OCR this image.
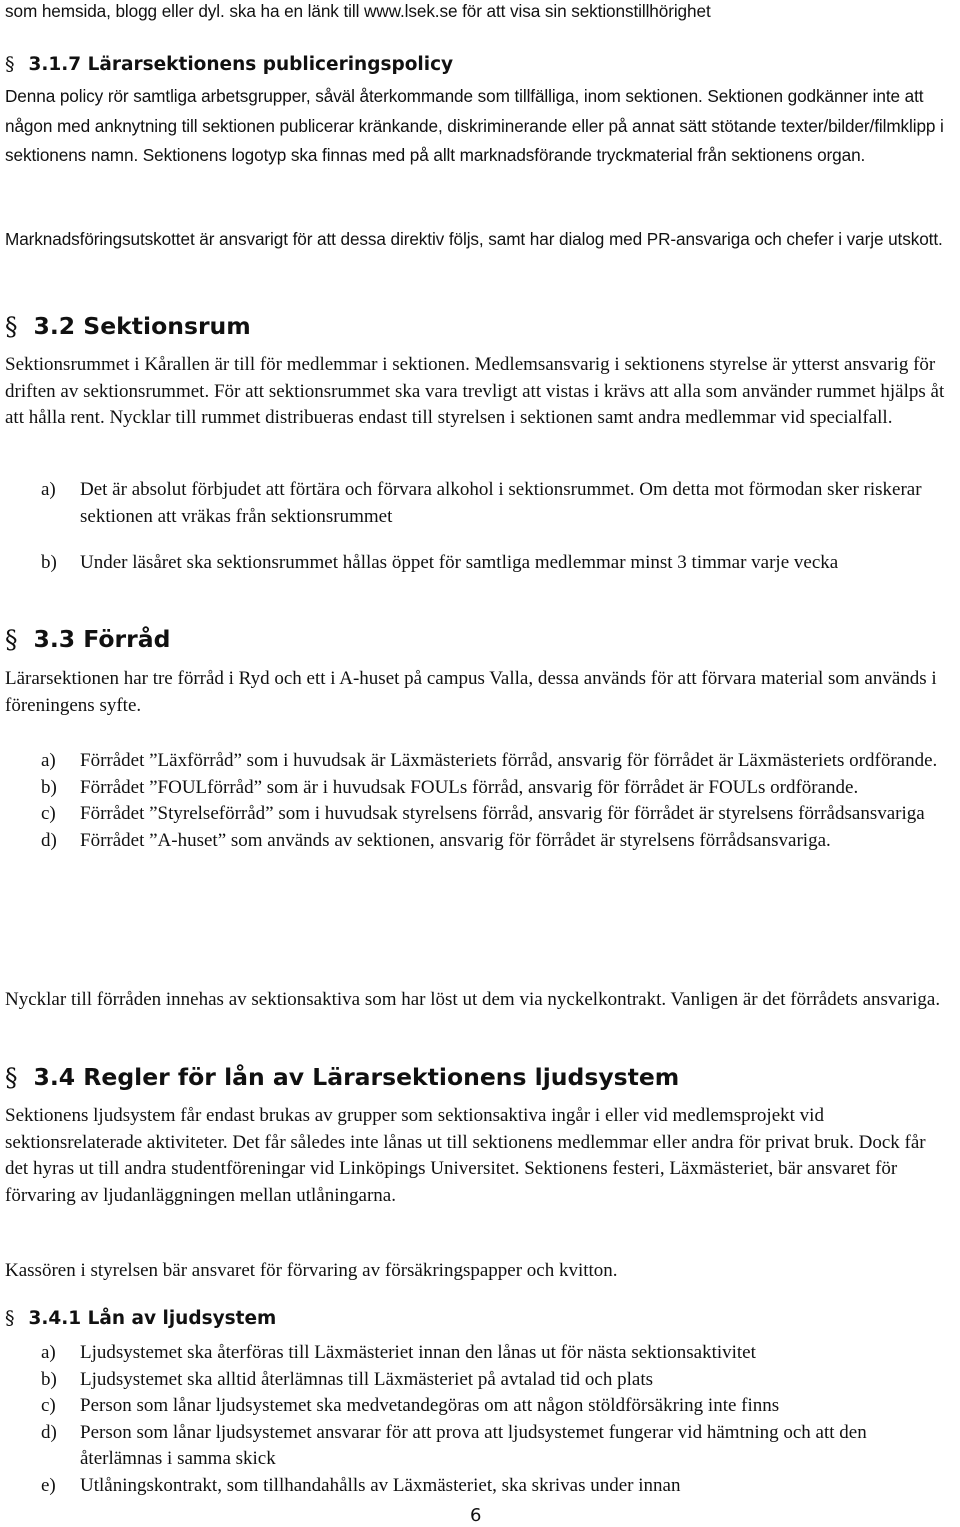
som hemsida, blogg eller dyl. ska ha en länk till www.lsek.se för att visa sin sektionstillhörighet

§ 3.1.7 Lärarsektionens publiceringspolicy

Denna policy rör samtliga arbetsgrupper, såväl återkommande som tillfälliga, inom sektionen. Sektionen godkänner inte att någon med anknytning till sektionen publicerar kränkande, diskriminerande eller på annat sätt stötande texter/bilder/filmklipp i sektionens namn. Sektionens logotyp ska finnas med på allt marknadsförande tryckmaterial från sektionens organ.

Marknadsföringsutskottet är ansvarigt för att dessa direktiv följs, samt har dialog med PR-ansvariga och chefer i varje utskott.

§ 3.2 Sektionsrum

Sektionsrummet i Kårallen är till för medlemmar i sektionen. Medlemsansvarig i sektionens styrelse är ytterst ansvarig för driften av sektionsrummet. För att sektionsrummet ska vara trevligt att vistas i krävs att alla som använder rummet hjälps åt att hålla rent. Nycklar till rummet distribueras endast till styrelsen i sektionen samt andra medlemmar vid specialfall.

a) Det är absolut förbjudet att förtära och förvara alkohol i sektionsrummet. Om detta mot förmodan sker riskerar sektionen att vräkas från sektionsrummet
b) Under läsåret ska sektionsrummet hållas öppet för samtliga medlemmar minst 3 timmar varje vecka
§ 3.3 Förråd

Lärarsektionen har tre förråd i Ryd och ett i A-huset på campus Valla, dessa används för att förvara material som används i föreningens syfte.

a) Förrådet ”Läxförråd” som i huvudsak är Läxmästeriets förråd, ansvarig för förrådet är Läxmästeriets ordförande.
b) Förrådet ”FOULförråd” som är i huvudsak FOULs förråd, ansvarig för förrådet är FOULs ordförande.
c) Förrådet ”Styrelseförråd” som i huvudsak styrelsens förråd, ansvarig för förrådet är styrelsens förrådsansvariga
d) Förrådet ”A-huset” som används av sektionen, ansvarig för förrådet är styrelsens förrådsansvariga.

Nycklar till förråden innehas av sektionsaktiva som har löst ut dem via nyckelkontrakt. Vanligen är det förrådets ansvariga.

§ 3.4 Regler för lån av Lärarsektionens ljudsystem

Sektionens ljudsystem får endast brukas av grupper som sektionsaktiva ingår i eller vid medlemsprojekt vid sektionsrelaterade aktiviteter. Det får således inte lånas ut till sektionens medlemmar eller andra för privat bruk. Dock får det hyras ut till andra studentföreningar vid Linköpings Universitet. Sektionens festeri, Läxmästeriet, bär ansvaret för förvaring av ljudanläggningen mellan utlåningarna.

Kassören i styrelsen bär ansvaret för förvaring av försäkringspapper och kvitton.

§ 3.4.1 Lån av ljudsystem
a) Ljudsystemet ska återföras till Läxmästeriet innan den lånas ut för nästa sektionsaktivitet
b) Ljudsystemet ska alltid återlämnas till Läxmästeriet på avtalad tid och plats
c) Person som lånar ljudsystemet ska medvetandegöras om att någon stöldförsäkring inte finns
d) Person som lånar ljudsystemet ansvarar för att prova att ljudsystemet fungerar vid hämtning och att den återlämnas i samma skick
e) Utlåningskontrakt, som tillhandahålls av Läxmästeriet, ska skrivas under innan
6
